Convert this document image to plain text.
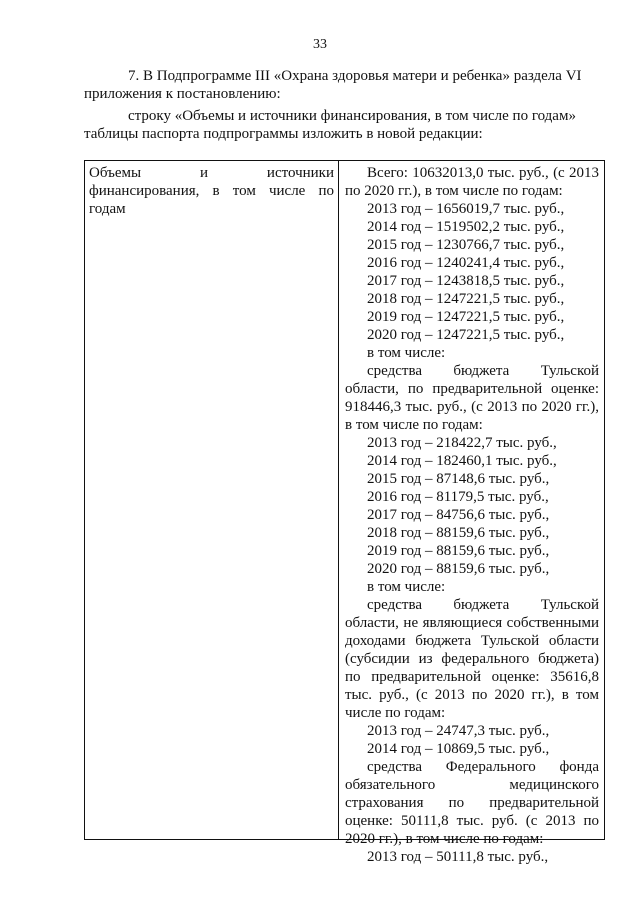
33

7. В Подпрограмме III «Охрана здоровья матери и ребенка» раздела VI приложения к постановлению:

строку «Объемы и источники финансирования, в том числе по годам» таблицы паспорта подпрограммы изложить в новой редакции:

Объемы и источники финансирования, в том числе по годам

Всего: 10632013,0 тыс. руб., (с 2013 по 2020 гг.), в том числе по годам:

2013 год – 1656019,7 тыс. руб.,

2014 год – 1519502,2 тыс. руб.,

2015 год – 1230766,7 тыс. руб.,

2016 год – 1240241,4 тыс. руб.,

2017 год – 1243818,5 тыс. руб.,

2018 год – 1247221,5 тыс. руб.,

2019 год – 1247221,5 тыс. руб.,

2020 год – 1247221,5 тыс. руб.,

в том числе:

средства бюджета Тульской области, по предварительной оценке: 918446,3 тыс. руб., (с 2013 по 2020 гг.), в том числе по годам:

2013 год – 218422,7 тыс. руб.,

2014 год – 182460,1 тыс. руб.,

2015 год – 87148,6 тыс. руб.,

2016 год – 81179,5 тыс. руб.,

2017 год – 84756,6 тыс. руб.,

2018 год – 88159,6 тыс. руб.,

2019 год – 88159,6 тыс. руб.,

2020 год – 88159,6 тыс. руб.,

в том числе:

средства бюджета Тульской области, не являющиеся собственными доходами бюджета Тульской области (субсидии из федерального бюджета) по предварительной оценке: 35616,8 тыс. руб., (с 2013 по 2020 гг.), в том числе по годам:

2013 год – 24747,3 тыс. руб.,

2014 год – 10869,5 тыс. руб.,

средства Федерального фонда обязательного медицинского страхования по предварительной оценке: 50111,8 тыс. руб. (с 2013 по 2020 гг.), в том числе по годам:

2013 год – 50111,8 тыс. руб.,
